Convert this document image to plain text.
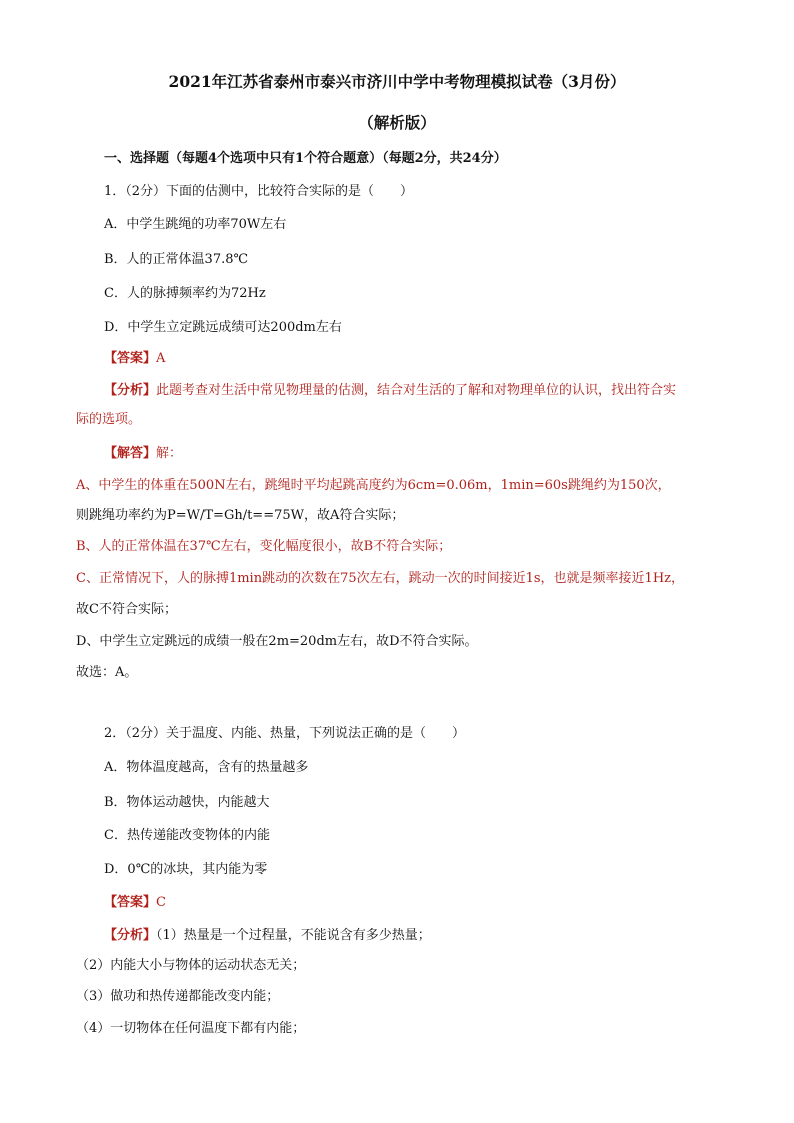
2021年江苏省泰州市泰兴市济川中学中考物理模拟试卷（3月份）
（解析版）
一、选择题（每题4个选项中只有1个符合题意）（每题2分，共24分）
1．（2分）下面的估测中，比较符合实际的是（　　）
A．中学生跳绳的功率70W左右
B．人的正常体温37.8℃
C．人的脉搏频率约为72Hz
D．中学生立定跳远成绩可达200dm左右
【答案】A
【分析】此题考查对生活中常见物理量的估测，结合对生活的了解和对物理单位的认识，找出符合实
际的选项。
【解答】解：
A、中学生的体重在500N左右，跳绳时平均起跳高度约为6cm=0.06m，1min=60s跳绳约为150次，
则跳绳功率约为P=W/T=Gh/t==75W，故A符合实际；
B、人的正常体温在37℃左右，变化幅度很小，故B不符合实际；
C、正常情况下，人的脉搏1min跳动的次数在75次左右，跳动一次的时间接近1s，也就是频率接近1Hz，
故C不符合实际；
D、中学生立定跳远的成绩一般在2m=20dm左右，故D不符合实际。
故选：A。
2．（2分）关于温度、内能、热量，下列说法正确的是（　　）
A．物体温度越高，含有的热量越多
B．物体运动越快，内能越大
C．热传递能改变物体的内能
D．0℃的冰块，其内能为零
【答案】C
【分析】（1）热量是一个过程量，不能说含有多少热量；
（2）内能大小与物体的运动状态无关；
（3）做功和热传递都能改变内能；
（4）一切物体在任何温度下都有内能；
